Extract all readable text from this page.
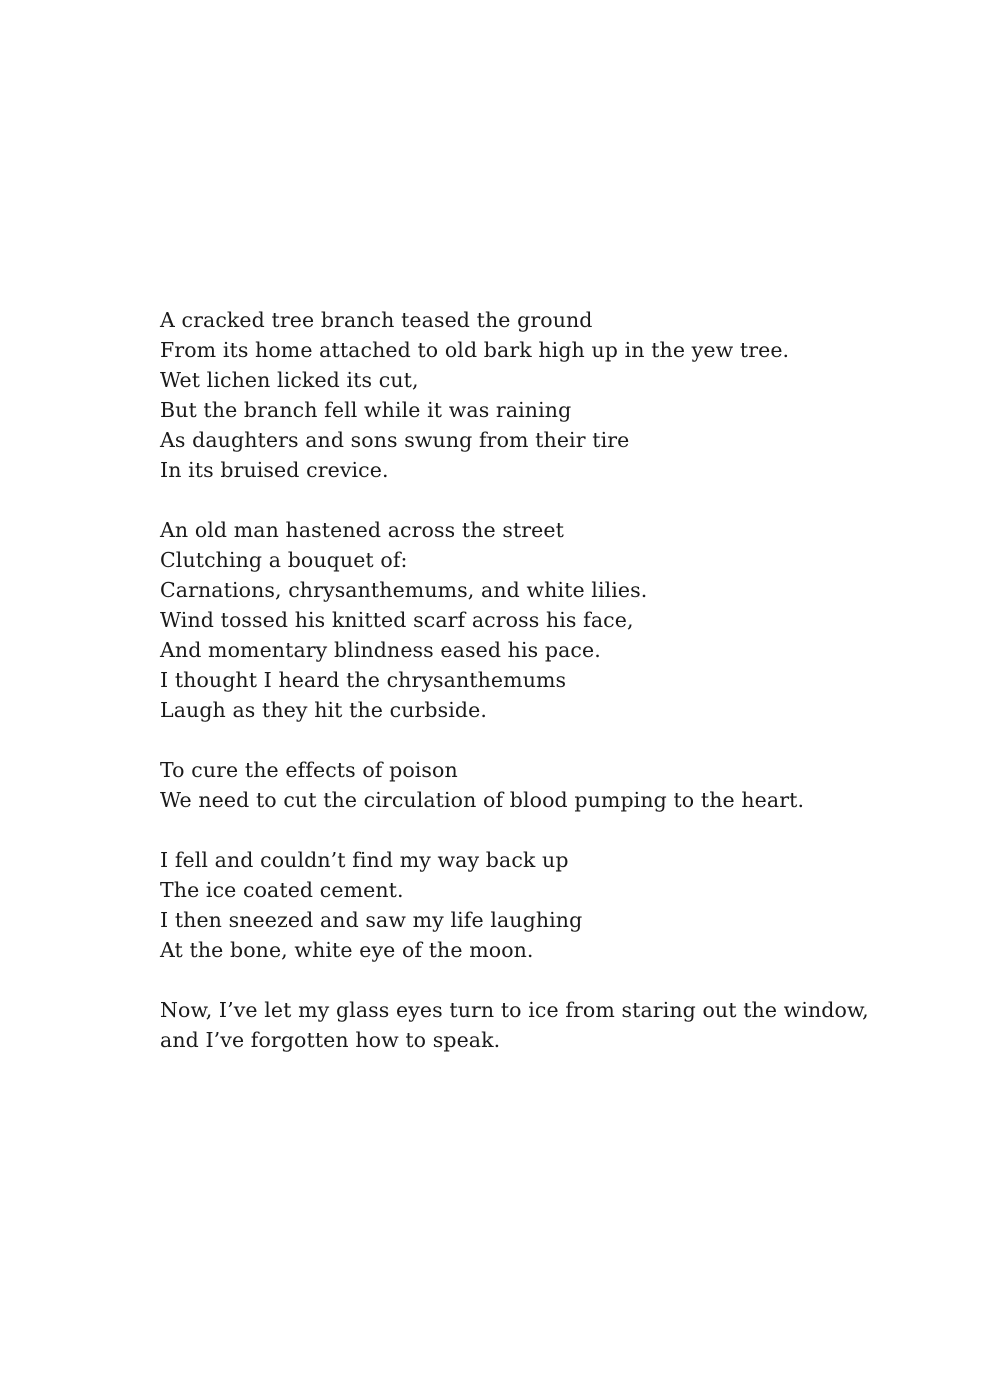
A cracked tree branch teased the ground
From its home attached to old bark high up in the yew tree.
Wet lichen licked its cut,
But the branch fell while it was raining
As daughters and sons swung from their tire
In its bruised crevice.
An old man hastened across the street
Clutching a bouquet of:
Carnations, chrysanthemums, and white lilies.
Wind tossed his knitted scarf across his face,
And momentary blindness eased his pace.
I thought I heard the chrysanthemums
Laugh as they hit the curbside.
To cure the effects of poison
We need to cut the circulation of blood pumping to the heart.
I fell and couldn’t find my way back up
The ice coated cement.
I then sneezed and saw my life laughing
At the bone, white eye of the moon.
Now, I’ve let my glass eyes turn to ice from staring out the window,
and I’ve forgotten how to speak.
